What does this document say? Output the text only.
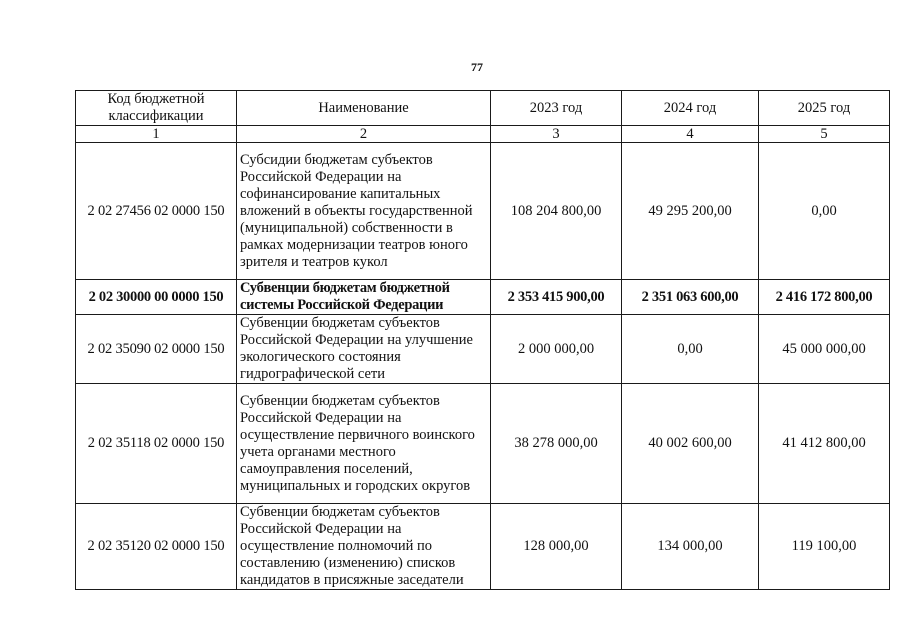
77
Код бюджетной классификации	Наименование	2023 год	2024 год	2025 год
1	2	3	4	5
2 02 27456 02 0000 150	Субсидии бюджетам субъектов Российской Федерации на софинансирование капитальных вложений в объекты государственной (муниципальной) собственности в рамках модернизации театров юного зрителя и театров кукол	108 204 800,00	49 295 200,00	0,00
2 02 30000 00 0000 150	Субвенции бюджетам бюджетной системы Российской Федерации	2 353 415 900,00	2 351 063 600,00	2 416 172 800,00
2 02 35090 02 0000 150	Субвенции бюджетам субъектов Российской Федерации на улучшение экологического состояния гидрографической сети	2 000 000,00	0,00	45 000 000,00
2 02 35118 02 0000 150	Субвенции бюджетам субъектов Российской Федерации на осуществление первичного воинского учета органами местного самоуправления поселений, муниципальных и городских округов	38 278 000,00	40 002 600,00	41 412 800,00
2 02 35120 02 0000 150	Субвенции бюджетам субъектов Российской Федерации на осуществление полномочий по составлению (изменению) списков кандидатов в присяжные заседатели	128 000,00	134 000,00	119 100,00
